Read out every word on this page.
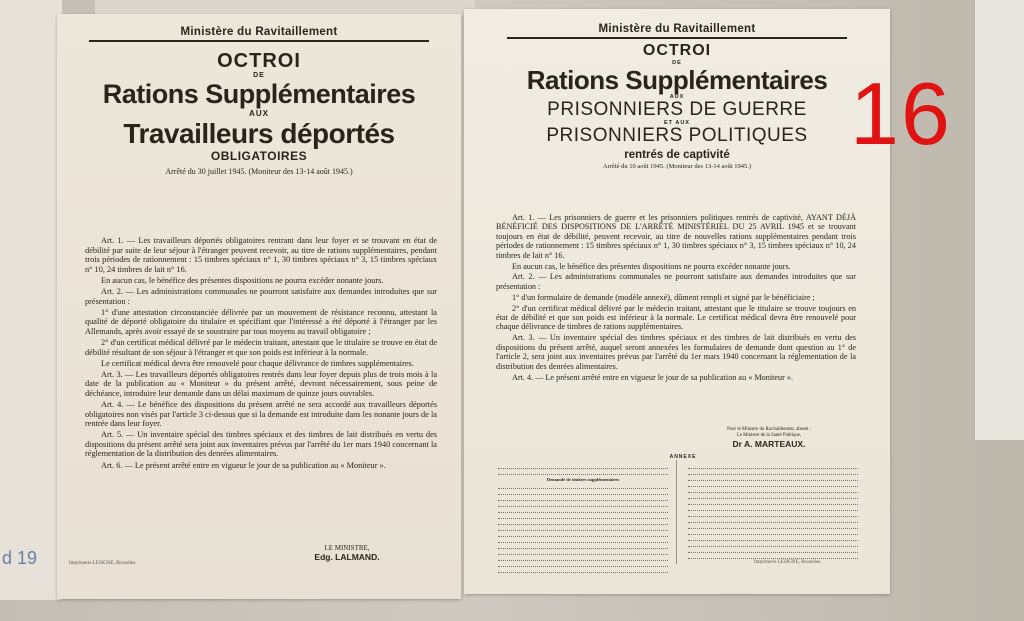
d 19
Ministère du Ravitaillement
OCTROI
DE
Rations Supplémentaires
AUX
Travailleurs déportés
OBLIGATOIRES
Arrêté du 30 juillet 1945. (Moniteur des 13-14 août 1945.)

Art. 1. — Les travailleurs déportés obligatoires rentrant dans leur foyer et se trouvant en état de débilité par suite de leur séjour à l'étranger peuvent recevoir, au titre de rations supplémentaires, pendant trois périodes de rationnement : 15 timbres spéciaux n° 1, 30 timbres spéciaux n° 3, 15 timbres spéciaux n° 10, 24 timbres de lait n° 16.

En aucun cas, le bénéfice des présentes dispositions ne pourra excéder nonante jours.

Art. 2. — Les administrations communales ne pourront satisfaire aux demandes introduites que sur présentation :

1° d'une attestation circonstanciée délivrée par un mouvement de résistance reconnu, attestant la qualité de déporté obligatoire du titulaire et spécifiant que l'intéressé a été déporté à l'étranger par les Allemands, après avoir essayé de se soustraire par tous moyens au travail obligatoire ;

2° d'un certificat médical délivré par le médecin traitant, attestant que le titulaire se trouve en état de débilité résultant de son séjour à l'étranger et que son poids est inférieur à la normale.

Le certificat médical devra être renouvelé pour chaque délivrance de timbres supplémentaires.

Art. 3. — Les travailleurs déportés obligatoires rentrés dans leur foyer depuis plus de trois mois à la date de la publication au « Moniteur » du présent arrêté, devront nécessairement, sous peine de déchéance, introduire leur demande dans un délai maximum de quinze jours ouvrables.

Art. 4. — Le bénéfice des dispositions du présent arrêté ne sera accordé aux travailleurs déportés obligatoires non visés par l'article 3 ci-dessus que si la demande est introduite dans les nonante jours de la rentrée dans leur foyer.

Art. 5. — Un inventaire spécial des timbres spéciaux et des timbres de lait distribués en vertu des dispositions du présent arrêté sera joint aux inventaires prévus par l'arrêté du 1er mars 1940 concernant la réglementation de la distribution des denrées alimentaires.

Art. 6. — Le présent arrêté entre en vigueur le jour de sa publication au « Moniteur ».

LE MINISTRE,
Edg. LALMAND.
Imprimerie LESIGNE, Bruxelles.
Ministère du Ravitaillement
OCTROI
DE
Rations Supplémentaires
AUX
PRISONNIERS DE GUERRE
ET AUX
PRISONNIERS POLITIQUES
rentrés de captivité
Arrêté du 10 août 1945. (Moniteur des 13-14 août 1945.)

Art. 1. — Les prisonniers de guerre et les prisonniers politiques rentrés de captivité, AYANT DÉJÀ BÉNÉFICIÉ DES DISPOSITIONS DE L'ARRÊTÉ MINISTÉRIEL DU 25 AVRIL 1945 et se trouvant toujours en état de débilité, peuvent recevoir, au titre de nouvelles rations supplémentaires pendant trois périodes de rationnement : 15 timbres spéciaux n° 1, 30 timbres spéciaux n° 3, 15 timbres spéciaux n° 10, 24 timbres de lait n° 16.

En aucun cas, le bénéfice des présentes dispositions ne pourra excéder nonante jours.

Art. 2. — Les administrations communales ne pourront satisfaire aux demandes introduites que sur présentation :

1° d'un formulaire de demande (modèle annexé), dûment rempli et signé par le bénéficiaire ;

2° d'un certificat médical délivré par le médecin traitant, attestant que le titulaire se trouve toujours en état de débilité et que son poids est inférieur à la normale. Le certificat médical devra être renouvelé pour chaque délivrance de timbres de rations supplémentaires.

Art. 3. — Un inventaire spécial des timbres spéciaux et des timbres de lait distribués en vertu des dispositions du présent arrêté, auquel seront annexées les formulaires de demande dont question au 1° de l'article 2, sera joint aux inventaires prévus par l'arrêté du 1er mars 1940 concernant la réglementation de la distribution des denrées alimentaires.

Art. 4. — Le présent arrêté entre en vigueur le jour de sa publication au « Moniteur ».

Pour le Ministre du Ravitaillement, absent :
Le Ministre de la Santé Publique,
Dr A. MARTEAUX.
ANNEXE
Demande de timbres supplémentaires
Imprimerie LESIGNE, Bruxelles.
16
